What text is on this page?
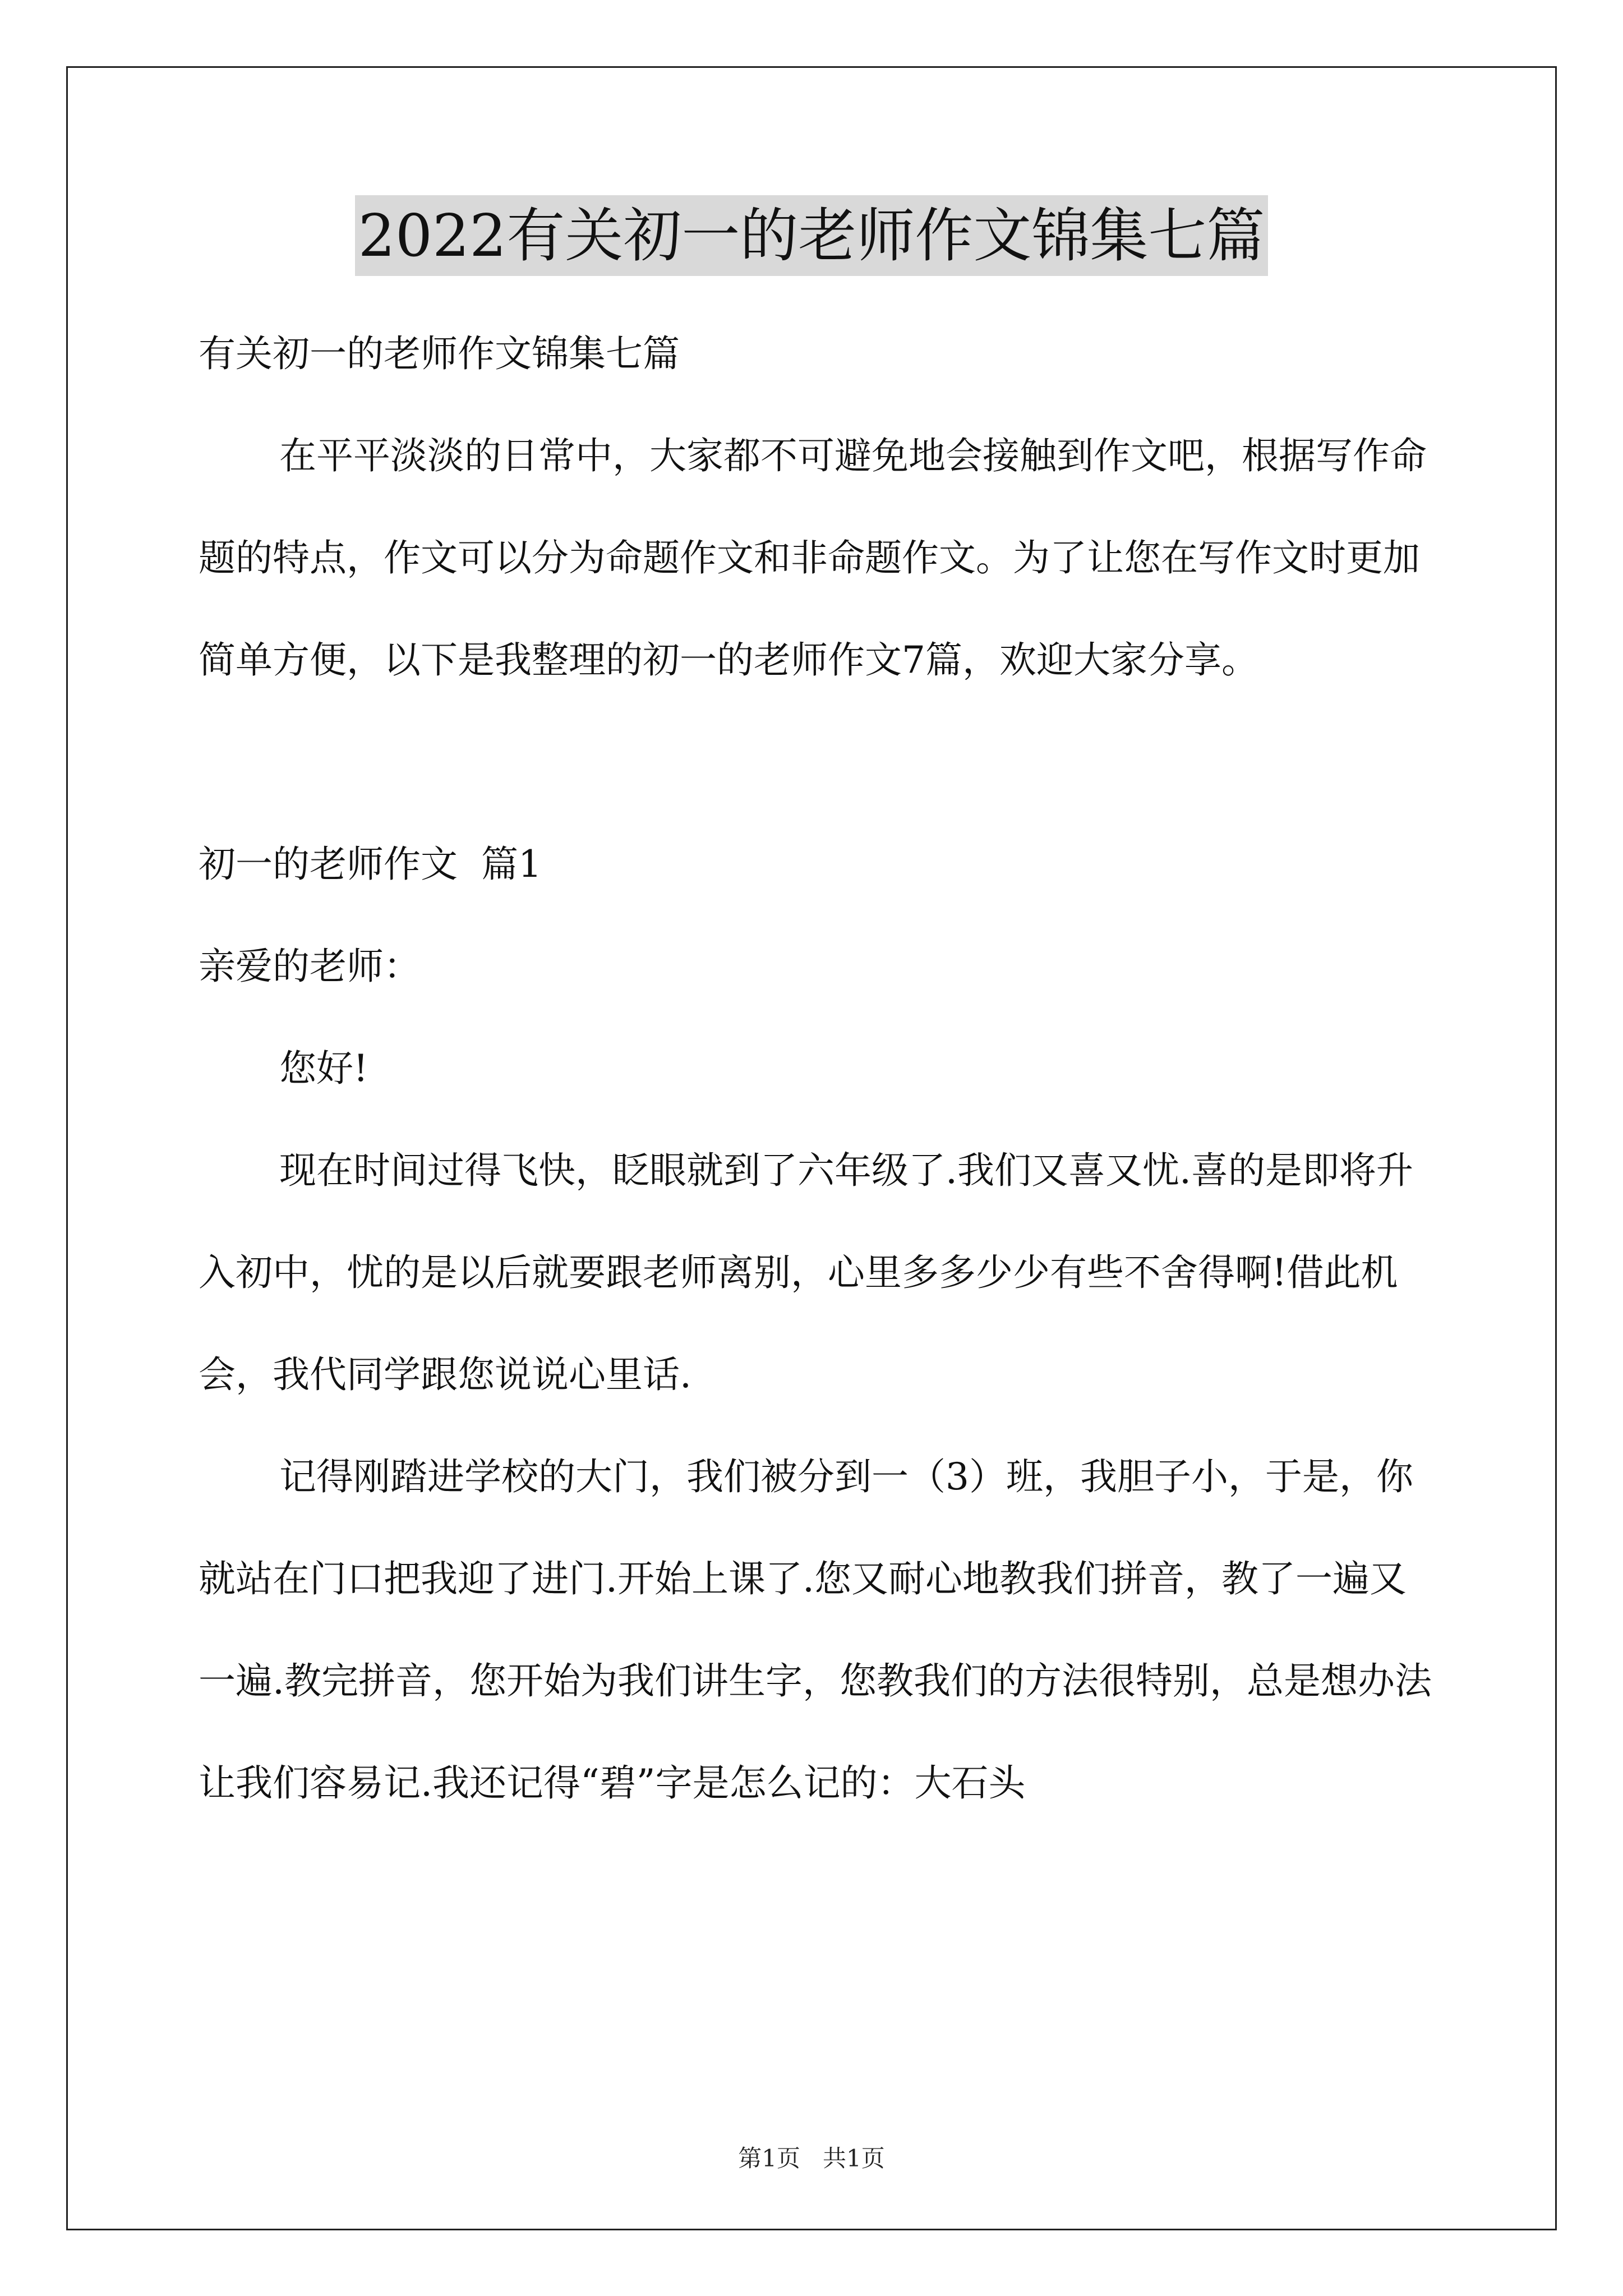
2022有关初一的老师作文锦集七篇

有关初一的老师作文锦集七篇

在平平淡淡的日常中，大家都不可避免地会接触到作文吧，根据写作命题的特点，作文可以分为命题作文和非命题作文。为了让您在写作文时更加简单方便，以下是我整理的初一的老师作文7篇，欢迎大家分享。

初一的老师作文  篇1

亲爱的老师：

您好!

现在时间过得飞快，眨眼就到了六年级了.我们又喜又忧.喜的是即将升入初中，忧的是以后就要跟老师离别，心里多多少少有些不舍得啊!借此机会，我代同学跟您说说心里话.

记得刚踏进学校的大门，我们被分到一（3）班，我胆子小，于是，你就站在门口把我迎了进门.开始上课了.您又耐心地教我们拼音，教了一遍又一遍.教完拼音，您开始为我们讲生字，您教我们的方法很特别，总是想办法让我们容易记.我还记得“碧”字是怎么记的：大石头

第1页   共1页
